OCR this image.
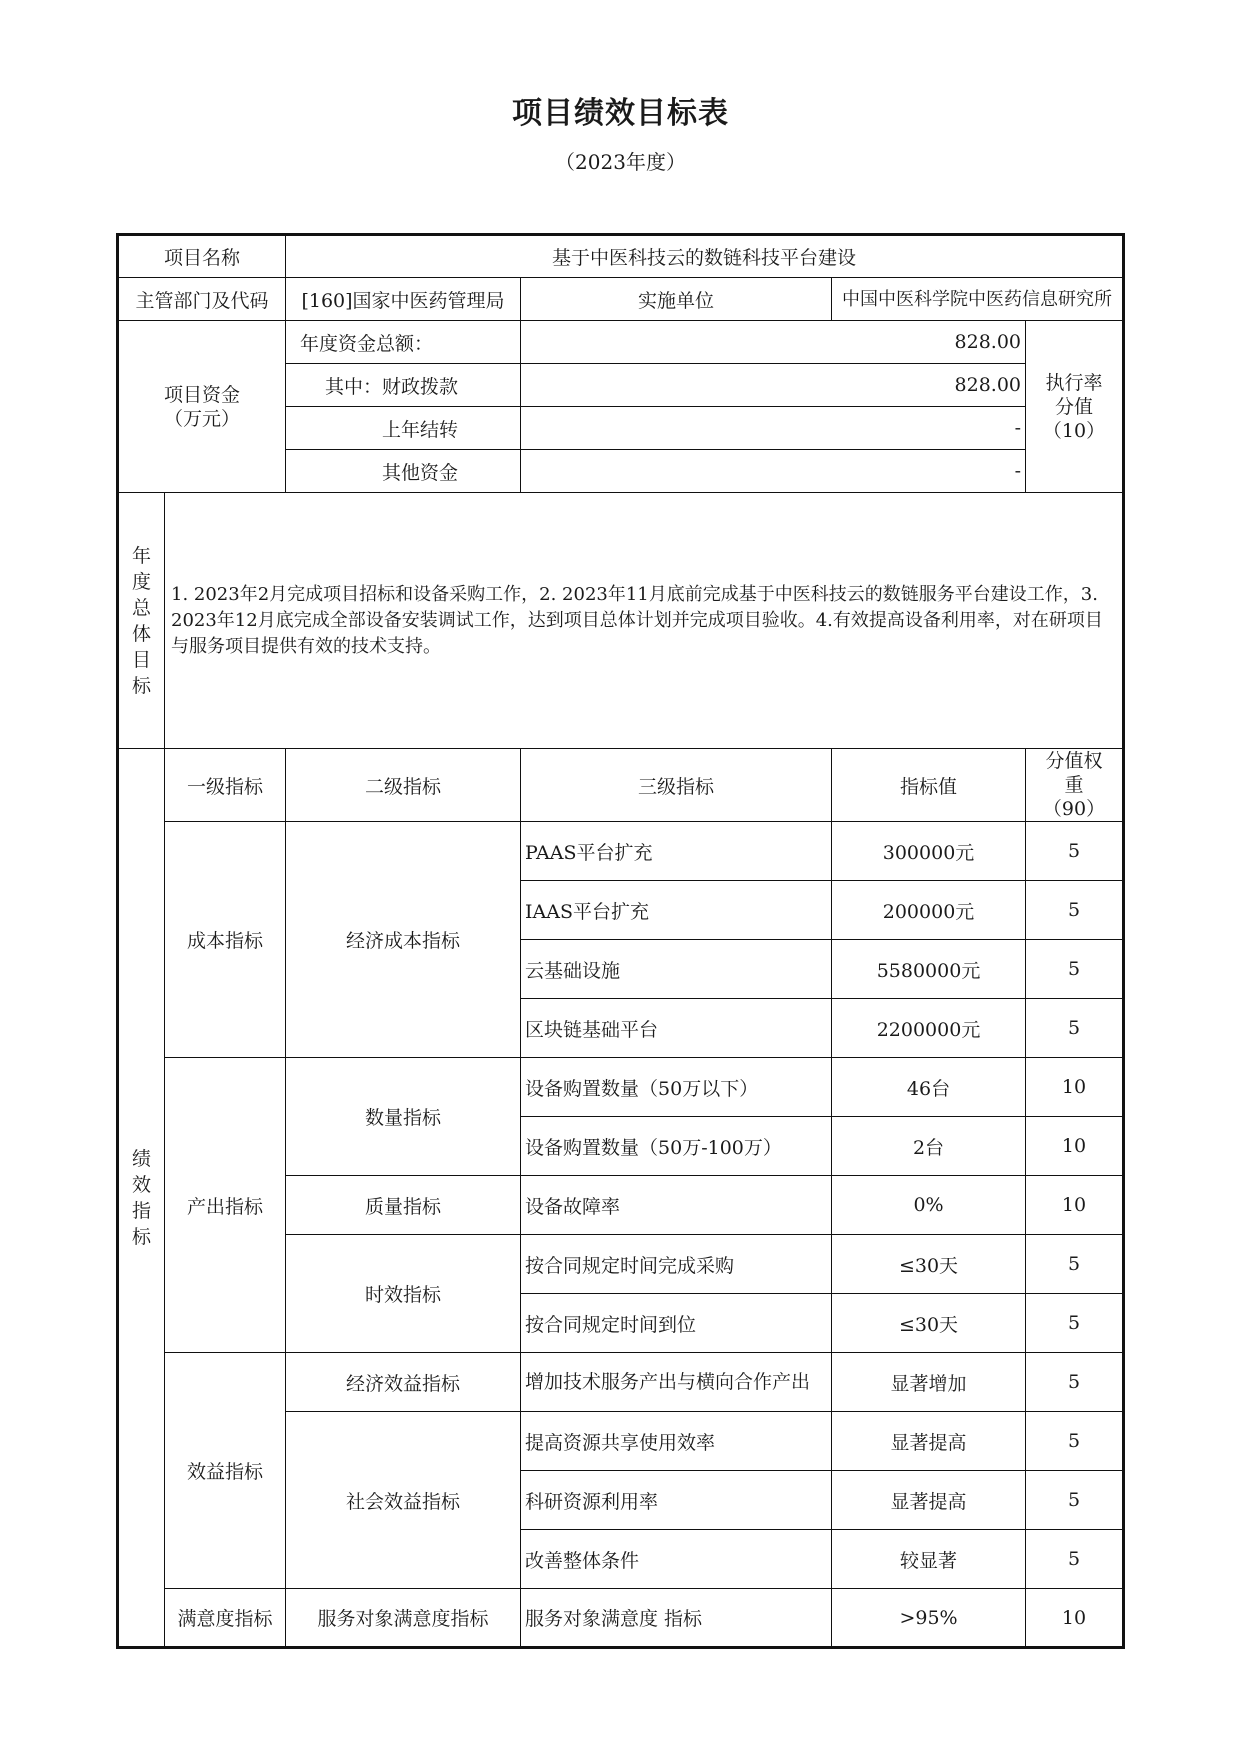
项目绩效目标表
（2023年度）
项目名称		基于中医科技云的数链科技平台建设			
主管部门及代码		[160]国家中医药管理局	实施单位	中国中医科学院中医药信息研究所	
项目资金（万元）		年度资金总额：	828.00		执行率分值（10）
		其中：财政拨款	828.00		
		上年结转	-		
		其他资金	-		
年度总体目标	1. 2023年2月完成项目招标和设备采购工作，2. 2023年11月底前完成基于中医科技云的数链服务平台建设工作，3. 2023年12月底完成全部设备安装调试工作，达到项目总体计划并完成项目验收。4.有效提高设备利用率，对在研项目与服务项目提供有效的技术支持。				
绩效指标	一级指标	二级指标	三级指标	指标值	分值权重（90）
	成本指标	经济成本指标	PAAS平台扩充	300000元	5
			IAAS平台扩充	200000元	5
			云基础设施	5580000元	5
			区块链基础平台	2200000元	5
	产出指标	数量指标	设备购置数量（50万以下）	46台	10
			设备购置数量（50万-100万）	2台	10
		质量指标	设备故障率	0%	10
		时效指标	按合同规定时间完成采购	≤30天	5
			按合同规定时间到位	≤30天	5
	效益指标	经济效益指标	增加技术服务产出与横向合作产出	显著增加	5
		社会效益指标	提高资源共享使用效率	显著提高	5
			科研资源利用率	显著提高	5
			改善整体条件	较显著	5
	满意度指标	服务对象满意度指标	服务对象满意度 指标	>95%	10
